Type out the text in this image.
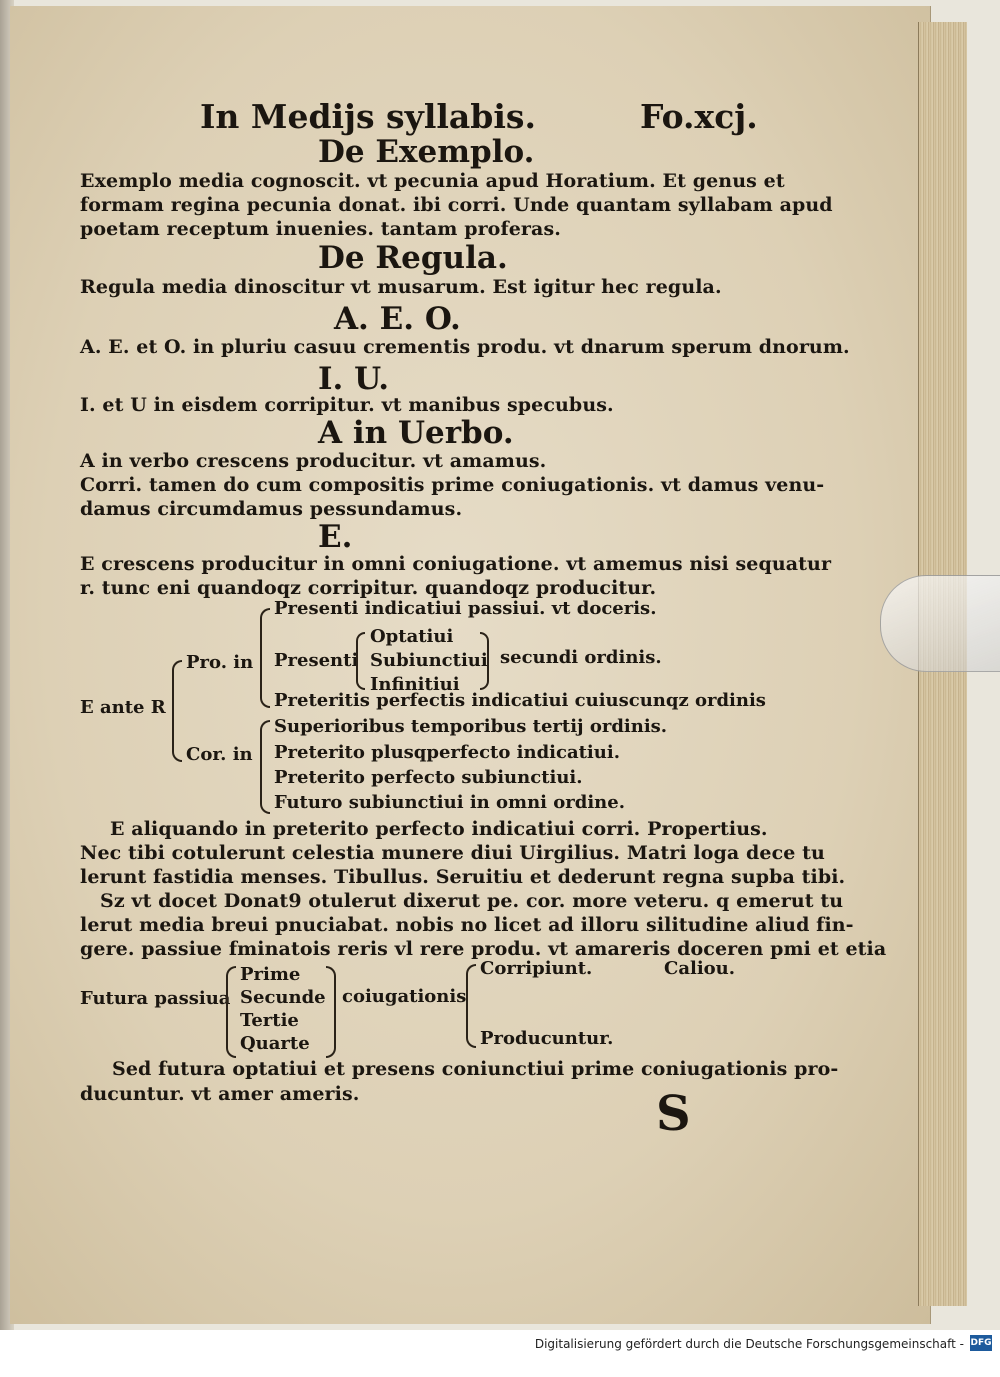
In Medijs syllabis.	Fo.xcj.
De Exemplo.
Exemplo media cognoscit. vt pecunia apud Horatium. Et genus et
formam regina pecunia donat. ibi corri. Unde quantam syllabam apud
poetam receptum inuenies. tantam proferas.
De Regula.
Regula media dinoscitur vt musarum. Est igitur hec regula.
A. E. O.
A. E. et O. in pluriu casuu crementis produ. vt dnarum sperum dnorum.
I. U.
I. et U in eisdem corripitur. vt manibus specubus.
A in Uerbo.
A in verbo crescens producitur. vt amamus.
Corri. tamen do cum compositis prime coniugationis. vt damus venu-
damus circumdamus pessundamus.
E.
E crescens producitur in omni coniugatione. vt amemus nisi sequatur
r. tunc eni quandoqz corripitur. quandoqz producitur.
E ante R
Pro. in
Cor. in
Presenti indicatiui passiui. vt doceris.
Presenti
Preteritis perfectis indicatiui cuiuscunqz ordinis
Optatiui
Subiunctiui
Infinitiui
secundi ordinis.
Superioribus temporibus tertij ordinis.
Preterito plusqperfecto indicatiui.
Preterito perfecto subiunctiui.
Futuro subiunctiui in omni ordine.
E aliquando in preterito perfecto indicatiui corri. Propertius.
Nec tibi cotulerunt celestia munere diui Uirgilius. Matri loga dece tu
lerunt fastidia menses. Tibullus. Seruitiu et dederunt regna supba tibi.
Sz vt docet Donat9 otulerut dixerut pe. cor. more veteru. q emerut tu
lerut media breui pnuciabat. nobis no licet ad illoru silitudine aliud fin-
gere. passiue fminatois reris vl rere produ. vt amareris doceren pmi et etia
Futura passiua
Prime
Secunde
Tertie
Quarte
coiugationis
Corripiunt.
Producuntur.
Caliou.
Sed futura optatiui et presens coniunctiui prime coniugationis pro-
ducuntur. vt amer ameris.	S
Digitalisierung gefördert durch die Deutsche Forschungsgemeinschaft - DFG
